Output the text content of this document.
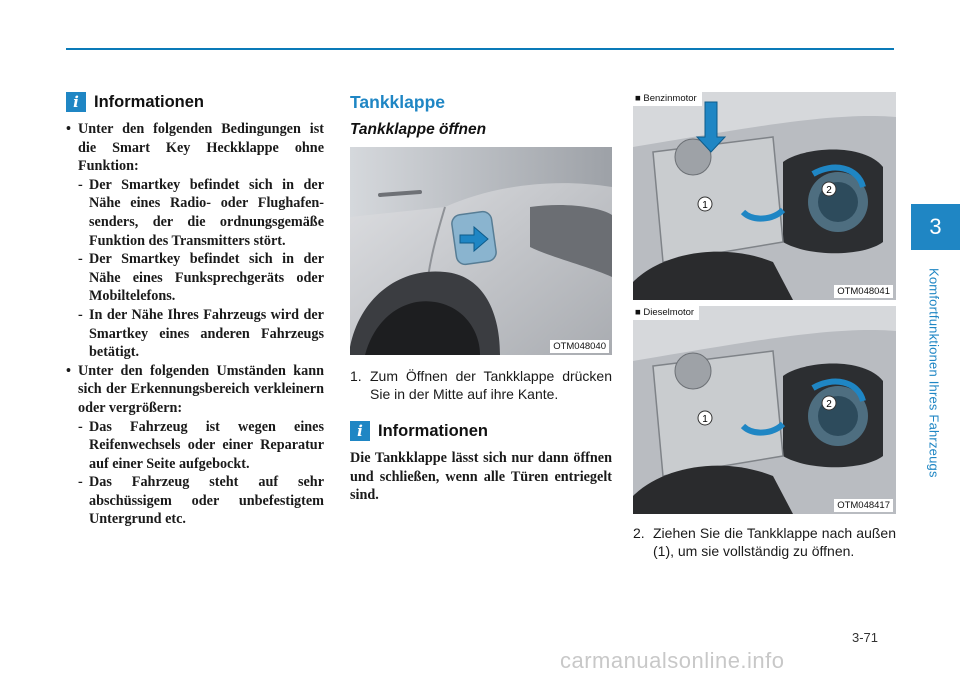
i Informationen
• Unter den folgenden Bedingungen ist die Smart Key Heckklappe ohne Funktion:
- Der Smartkey befindet sich in der Nähe eines Radio- oder Flughafen-senders, der die ordnungsgemäße Funktion des Transmitters stört.
- Der Smartkey befindet sich in der Nähe eines Funksprechgeräts oder Mobiltelefons.
- In der Nähe Ihres Fahrzeugs wird der Smartkey eines anderen Fahrzeugs betätigt.
• Unter den folgenden Umständen kann sich der Erkennungsbereich verkleinern oder vergrößern:
- Das Fahrzeug ist wegen eines Reifenwechsels oder einer Reparatur auf einer Seite aufgebockt.
- Das Fahrzeug steht auf sehr abschüssigem oder unbefestigtem Untergrund etc.
Tankklappe
Tankklappe öffnen
OTM048040
1. Zum Öffnen der Tankklappe drücken Sie in der Mitte auf ihre Kante.
i Informationen
Die Tankklappe lässt sich nur dann öffnen und schließen, wenn alle Türen entriegelt sind.
1
2
■ Benzinmotor
OTM048041
1
2
■ Dieselmotor
OTM048417
2. Ziehen Sie die Tankklappe nach außen (1), um sie vollständig zu öffnen.
3
Komfortfunktionen Ihres Fahrzeugs
3-71
carmanualsonline.info
